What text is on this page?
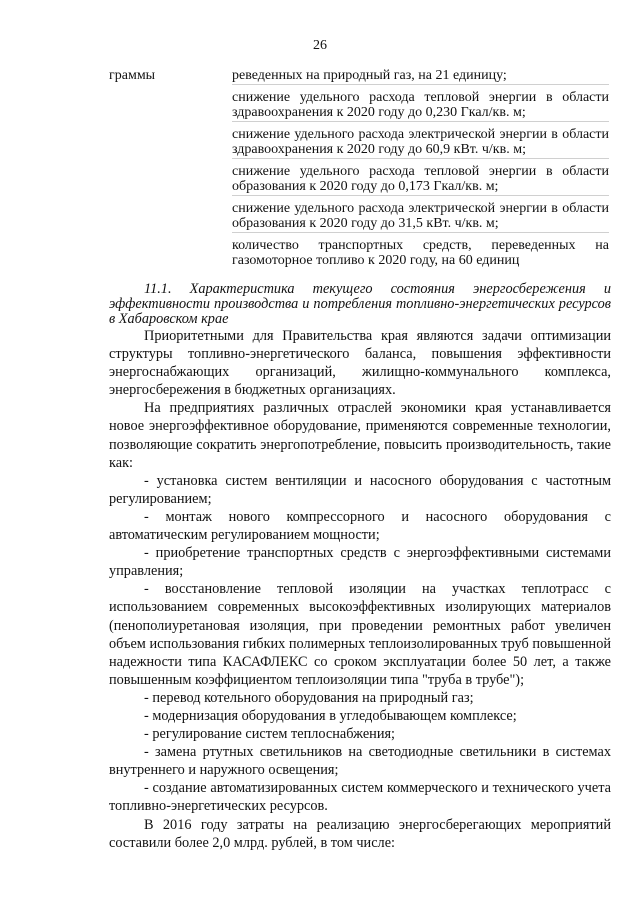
26
граммы	реведенных на природный газ, на 21 единицу;

снижение удельного расхода тепловой энергии в области здравоохранения к 2020 году до 0,230 Гкал/кв. м;

снижение удельного расхода электрической энергии в области здравоохранения к 2020 году до 60,9 кВт. ч/кв. м;

снижение удельного расхода тепловой энергии в области образования к 2020 году до 0,173 Гкал/кв. м;

снижение удельного расхода электрической энергии в области образования к 2020 году до 31,5 кВт. ч/кв. м;

количество транспортных средств, переведенных на газомоторное топливо к 2020 году, на 60 единиц

11.1. Характеристика текущего состояния энергосбережения и эффективности производства и потребления топливно-энергетических ресурсов в Хабаровском крае

Приоритетными для Правительства края являются задачи оптимизации структуры топливно-энергетического баланса, повышения эффективности энергоснабжающих организаций, жилищно-коммунального комплекса, энергосбережения в бюджетных организациях.

На предприятиях различных отраслей экономики края устанавливается новое энергоэффективное оборудование, применяются современные технологии, позволяющие сократить энергопотребление, повысить производительность, такие как:

- установка систем вентиляции и насосного оборудования с частотным регулированием;

- монтаж нового компрессорного и насосного оборудования с автоматическим регулированием мощности;

- приобретение транспортных средств с энергоэффективными системами управления;

- восстановление тепловой изоляции на участках теплотрасс с использованием современных высокоэффективных изолирующих материалов (пенополиуретановая изоляция, при проведении ремонтных работ увеличен объем использования гибких полимерных теплоизолированных труб повышенной надежности типа КАСАФЛЕКС со сроком эксплуатации более 50 лет, а также повышенным коэффициентом теплоизоляции типа "труба в трубе");

- перевод котельного оборудования на природный газ;

- модернизация оборудования в угледобывающем комплексе;

- регулирование систем теплоснабжения;

- замена ртутных светильников на светодиодные светильники в системах внутреннего и наружного освещения;

- создание автоматизированных систем коммерческого и технического учета топливно-энергетических ресурсов.

В 2016 году затраты на реализацию энергосберегающих мероприятий составили более 2,0 млрд. рублей, в том числе:
